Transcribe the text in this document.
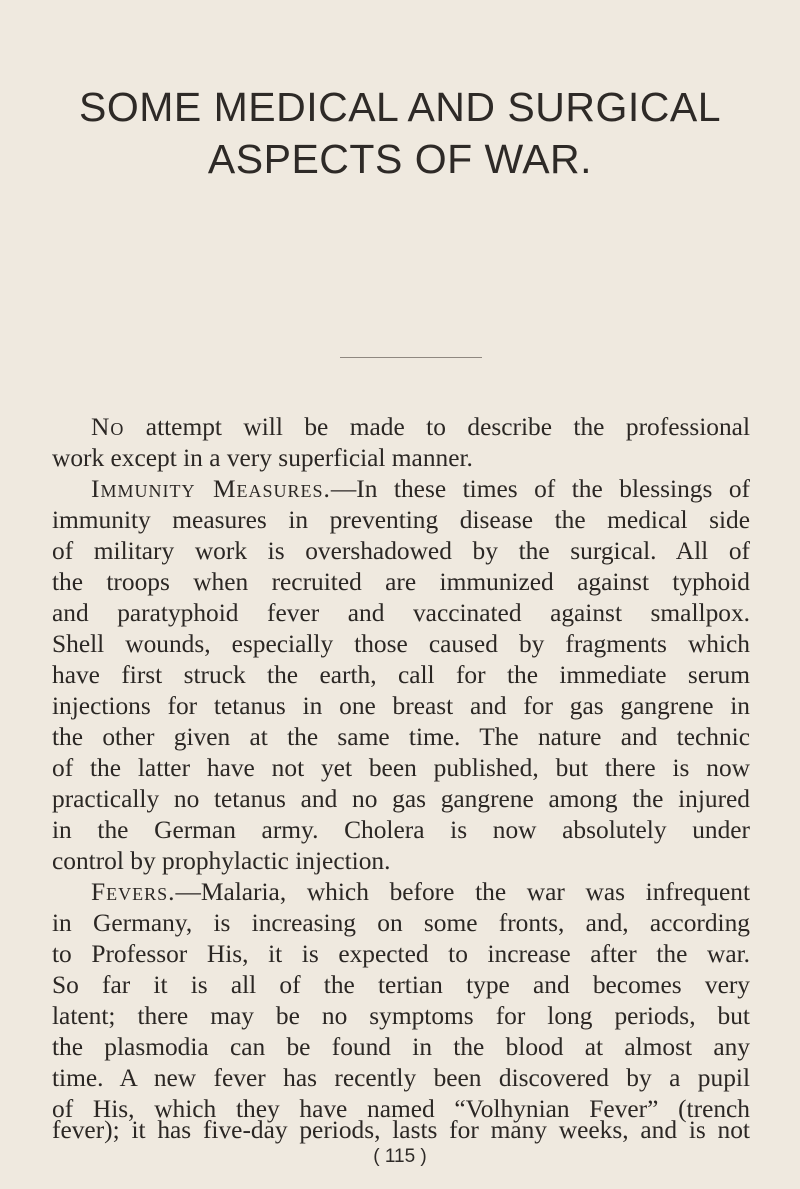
SOME MEDICAL AND SURGICAL
ASPECTS OF WAR.
No attempt will be made to describe the professional
work except in a very superficial manner.
Immunity Measures.—In these times of the blessings of
immunity measures in preventing disease the medical side
of military work is overshadowed by the surgical. All of
the troops when recruited are immunized against typhoid
and paratyphoid fever and vaccinated against smallpox.
Shell wounds, especially those caused by fragments which
have first struck the earth, call for the immediate serum
injections for tetanus in one breast and for gas gangrene in
the other given at the same time. The nature and technic
of the latter have not yet been published, but there is now
practically no tetanus and no gas gangrene among the injured
in the German army. Cholera is now absolutely under
control by prophylactic injection.
Fevers.—Malaria, which before the war was infrequent
in Germany, is increasing on some fronts, and, according
to Professor His, it is expected to increase after the war.
So far it is all of the tertian type and becomes very
latent; there may be no symptoms for long periods, but
the plasmodia can be found in the blood at almost any
time. A new fever has recently been discovered by a pupil
of His, which they have named “Volhynian Fever” (trench
fever); it has five-day periods, lasts for many weeks, and is not
( 115 )
